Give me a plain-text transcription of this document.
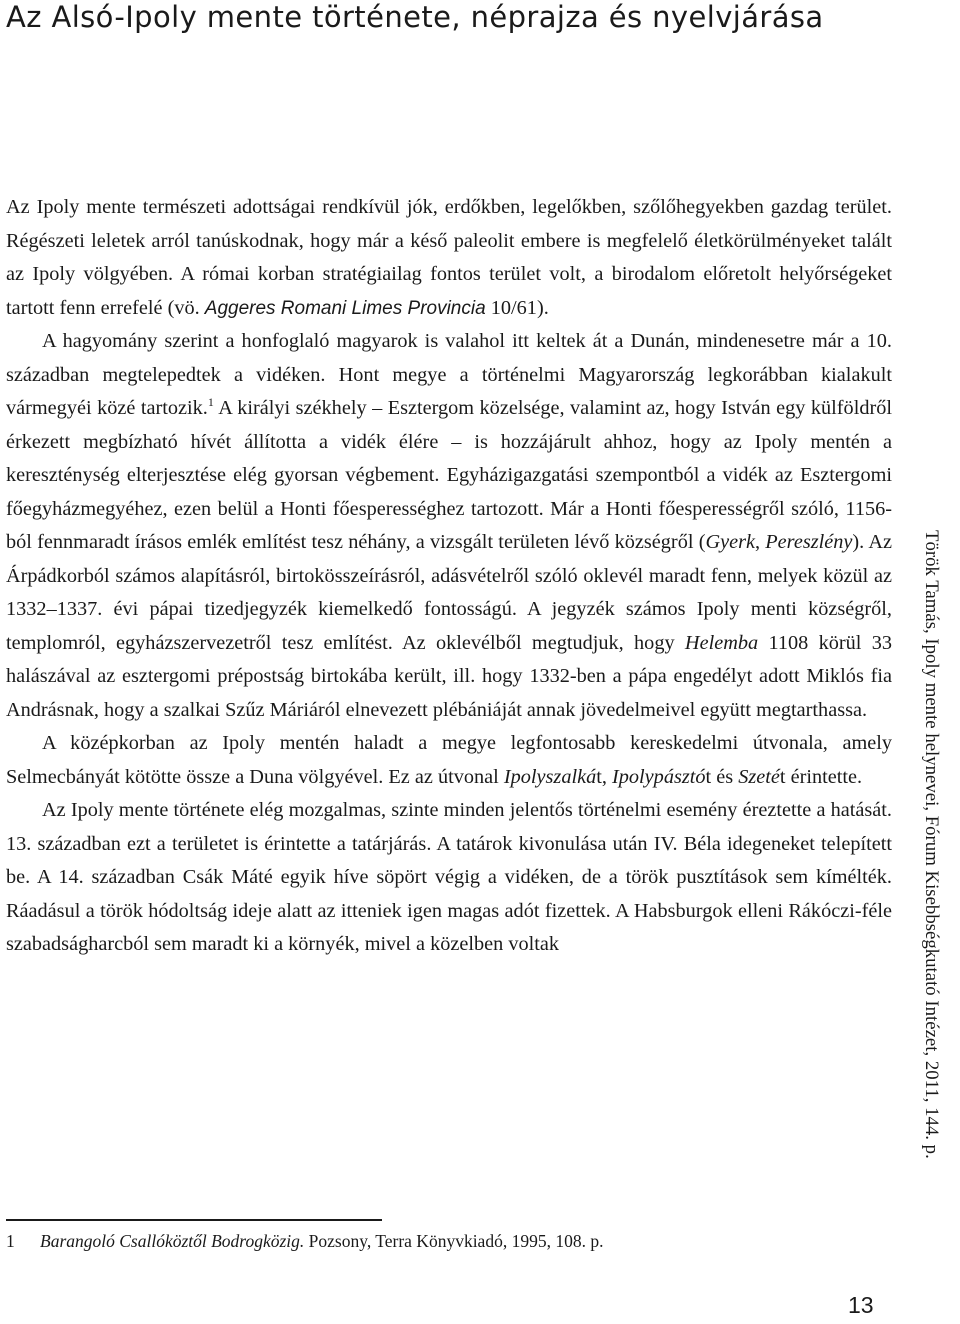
Az Alsó-Ipoly mente története, néprajza és nyelvjárása

Az Ipoly mente természeti adottságai rendkívül jók, erdőkben, legelőkben, szőlőhegyekben gazdag terület. Régészeti leletek arról tanúskodnak, hogy már a késő paleolit embere is megfelelő életkörülményeket talált az Ipoly völgyében. A római korban stratégiailag fontos terület volt, a birodalom előretolt helyőrségeket tartott fenn errefelé (vö. Aggeres Romani Limes Provincia 10/61).

A hagyomány szerint a honfoglaló magyarok is valahol itt keltek át a Dunán, mindenesetre már a 10. században megtelepedtek a vidéken. Hont megye a történelmi Magyarország legkorábban kialakult vármegyéi közé tartozik.$^1$ A királyi székhely – Esztergom közelsége, valamint az, hogy István egy külföldről érkezett megbízható hívét állította a vidék élére – is hozzájárult ahhoz, hogy az Ipoly mentén a kereszténység elterjesztése elég gyorsan végbement. Egyházigazgatási szempontból a vidék az Esztergomi főegyházmegyéhez, ezen belül a Honti főesperességhez tartozott. Már a Honti főesperességről szóló, 1156-ból fennmaradt írásos emlék említést tesz néhány, a vizsgált területen lévő községről (Gyerk, Pereszlény). Az Árpádkorból számos alapításról, birtokösszeírásról, adásvételről szóló oklevél maradt fenn, melyek közül az 1332–1337. évi pápai tizedjegyzék kiemelkedő fontosságú. A jegyzék számos Ipoly menti községről, templomról, egyházszervezetről tesz említést. Az oklevélből megtudjuk, hogy Helemba 1108 körül 33 halászával az esztergomi prépostság birtokába került, ill. hogy 1332-ben a pápa engedélyt adott Miklós fia Andrásnak, hogy a szalkai Szűz Máriáról elnevezett plébániáját annak jövedelmeivel együtt megtarthassa.

A középkorban az Ipoly mentén haladt a megye legfontosabb kereskedelmi útvonala, amely Selmecbányát kötötte össze a Duna völgyével. Ez az útvonal Ipolyszalkát, Ipolypásztót és Szetét érintette.

Az Ipoly mente története elég mozgalmas, szinte minden jelentős történelmi esemény éreztette a hatását. 13. században ezt a területet is érintette a tatárjárás. A tatárok kivonulása után IV. Béla idegeneket telepített be. A 14. században Csák Máté egyik híve söpört végig a vidéken, de a török pusztítások sem kímélték. Ráadásul a török hódoltság ideje alatt az itteniek igen magas adót fizettek. A Habsburgok elleni Rákóczi-féle szabadságharcból sem maradt ki a környék, mivel a közelben voltak

1 Barangoló Csallóköztől Bodrogközig. Pozsony, Terra Könyvkiadó, 1995, 108. p.
13
Török Tamás, Ipoly mente helynevei, Fórum Kisebbségkutató Intézet, 2011, 144. p.
